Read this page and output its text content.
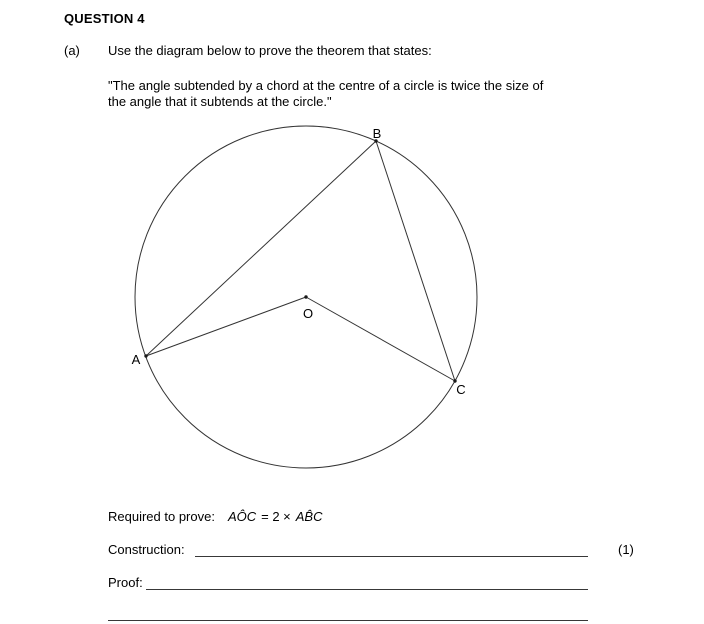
QUESTION 4
(a) Use the diagram below to prove the theorem that states:
"The angle subtended by a chord at the centre of a circle is twice the size of
the angle that it subtends at the circle."
A
B
C
O
Required to prove: AÔC = 2 × AB̂C
Construction:	(1)
Proof:
